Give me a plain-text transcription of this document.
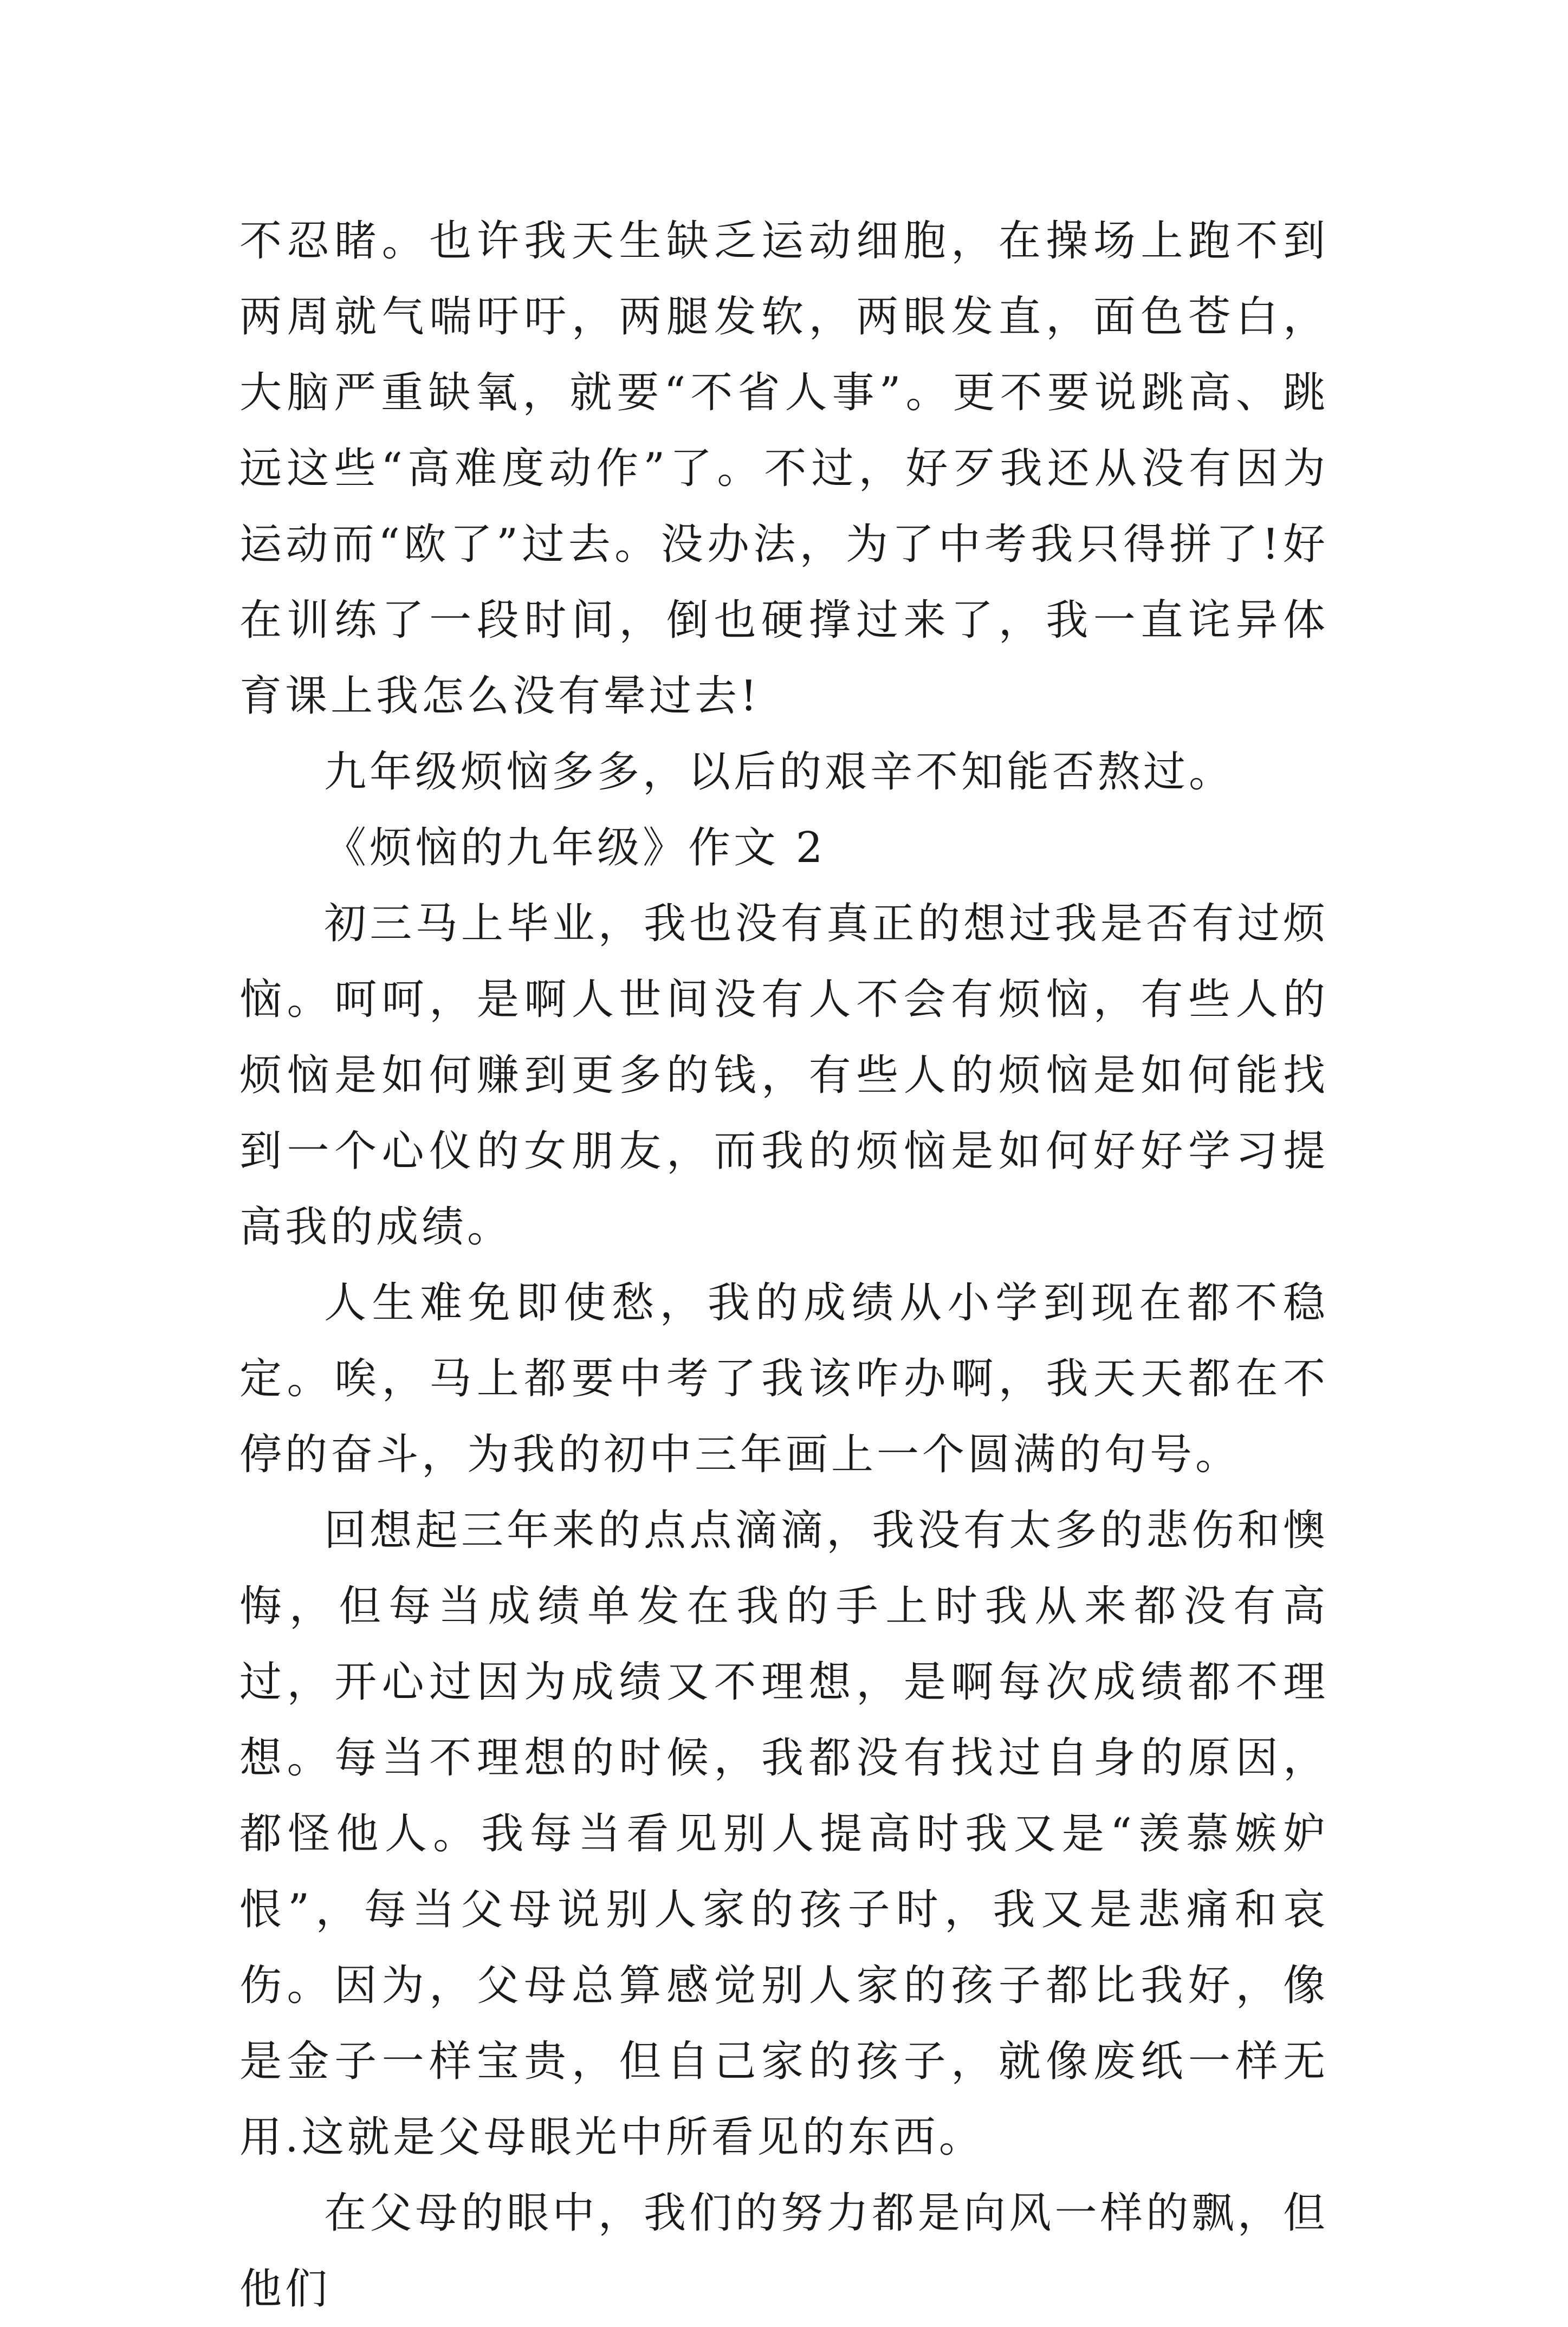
不忍睹。也许我天生缺乏运动细胞，在操场上跑不到两周就气喘吁吁，两腿发软，两眼发直，面色苍白，大脑严重缺氧，就要“不省人事”。更不要说跳高、跳远这些“高难度动作”了。不过，好歹我还从没有因为运动而“欧了”过去。没办法，为了中考我只得拼了!好在训练了一段时间，倒也硬撑过来了，我一直诧异体育课上我怎么没有晕过去!

九年级烦恼多多，以后的艰辛不知能否熬过。

《烦恼的九年级》作文 2

初三马上毕业，我也没有真正的想过我是否有过烦恼。呵呵，是啊人世间没有人不会有烦恼，有些人的烦恼是如何赚到更多的钱，有些人的烦恼是如何能找到一个心仪的女朋友，而我的烦恼是如何好好学习提高我的成绩。

人生难免即使愁，我的成绩从小学到现在都不稳定。唉，马上都要中考了我该咋办啊，我天天都在不停的奋斗，为我的初中三年画上一个圆满的句号。

回想起三年来的点点滴滴，我没有太多的悲伤和懊悔，但每当成绩单发在我的手上时我从来都没有高过，开心过因为成绩又不理想，是啊每次成绩都不理想。每当不理想的时候，我都没有找过自身的原因，都怪他人。我每当看见别人提高时我又是“羡慕嫉妒恨”，每当父母说别人家的孩子时，我又是悲痛和哀伤。因为，父母总算感觉别人家的孩子都比我好，像是金子一样宝贵，但自己家的孩子，就像废纸一样无用.这就是父母眼光中所看见的东西。

在父母的眼中，我们的努力都是向风一样的飘，但他们
